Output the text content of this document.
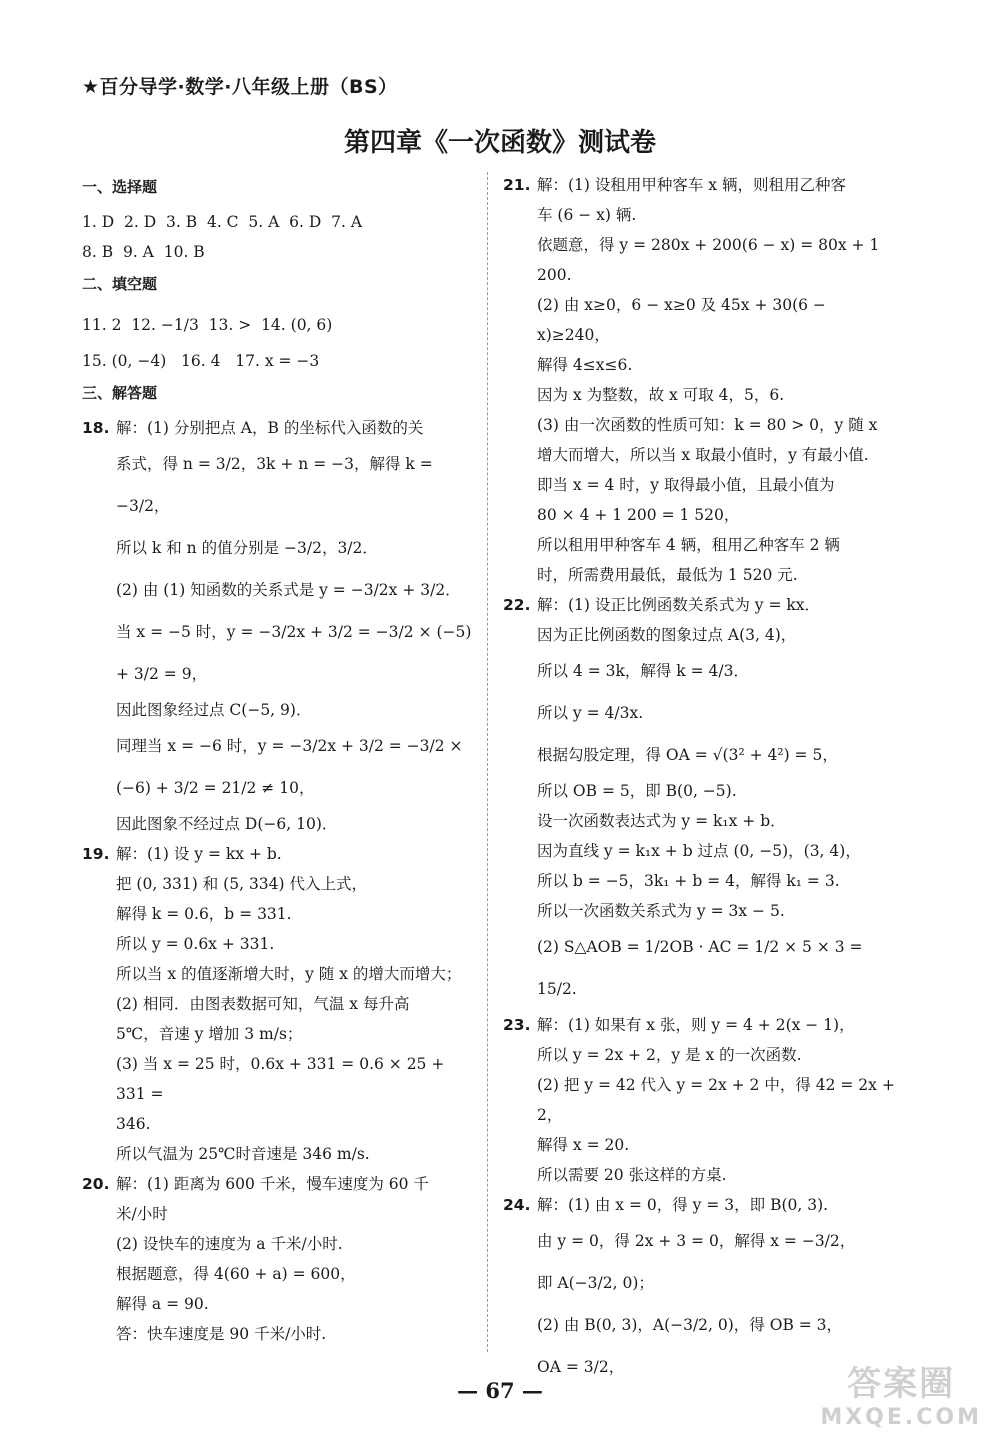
★百分导学·数学·八年级上册（BS）
第四章《一次函数》测试卷
一、选择题
1. D  2. D  3. B  4. C  5. A  6. D  7. A
8. B  9. A  10. B
二、填空题
11. 2  12. −1/3  13. >  14. (0, 6)
15. (0, −4)   16. 4   17. x = −3
三、解答题
18. 解：(1) 分别把点 A，B 的坐标代入函数的关
系式，得 n = 3/2，3k + n = −3，解得 k = −3/2，
所以 k 和 n 的值分别是 −3/2，3/2．
(2) 由 (1) 知函数的关系式是 y = −3/2x + 3/2．
当 x = −5 时，y = −3/2x + 3/2 = −3/2 × (−5)
+ 3/2 = 9，
因此图象经过点 C(−5, 9)．
同理当 x = −6 时，y = −3/2x + 3/2 = −3/2 ×
(−6) + 3/2 = 21/2 ≠ 10，
因此图象不经过点 D(−6, 10)．
19. 解：(1) 设 y = kx + b.
把 (0, 331) 和 (5, 334) 代入上式，
解得 k = 0.6，b = 331.
所以 y = 0.6x + 331.
所以当 x 的值逐渐增大时，y 随 x 的增大而增大；
(2) 相同．由图表数据可知，气温 x 每升高
5℃，音速 y 增加 3 m/s；
(3) 当 x = 25 时，0.6x + 331 = 0.6 × 25 + 331 =
346.
所以气温为 25℃时音速是 346 m/s.
20. 解：(1) 距离为 600 千米，慢车速度为 60 千
米/小时
(2) 设快车的速度为 a 千米/小时.
根据题意，得 4(60 + a) = 600，
解得 a = 90.
答：快车速度是 90 千米/小时.
21. 解：(1) 设租用甲种客车 x 辆，则租用乙种客
车 (6 − x) 辆.
依题意，得 y = 280x + 200(6 − x) = 80x + 1 200.
(2) 由 x≥0，6 − x≥0 及 45x + 30(6 − x)≥240，
解得 4≤x≤6.
因为 x 为整数，故 x 可取 4，5，6.
(3) 由一次函数的性质可知：k = 80 > 0，y 随 x
增大而增大，所以当 x 取最小值时，y 有最小值.
即当 x = 4 时，y 取得最小值，且最小值为
80 × 4 + 1 200 = 1 520，
所以租用甲种客车 4 辆，租用乙种客车 2 辆
时，所需费用最低，最低为 1 520 元.
22. 解：(1) 设正比例函数关系式为 y = kx．
因为正比例函数的图象过点 A(3, 4)，
所以 4 = 3k，解得 k = 4/3．
所以 y = 4/3x.
根据勾股定理，得 OA = √(3² + 4²) = 5，
所以 OB = 5，即 B(0, −5).
设一次函数表达式为 y = k₁x + b．
因为直线 y = k₁x + b 过点 (0, −5)，(3, 4)，
所以 b = −5，3k₁ + b = 4，解得 k₁ = 3.
所以一次函数关系式为 y = 3x − 5.
(2) S△AOB = 1/2OB · AC = 1/2 × 5 × 3 = 15/2.
23. 解：(1) 如果有 x 张，则 y = 4 + 2(x − 1)，
所以 y = 2x + 2，y 是 x 的一次函数.
(2) 把 y = 42 代入 y = 2x + 2 中，得 42 = 2x + 2，
解得 x = 20.
所以需要 20 张这样的方桌.
24. 解：(1) 由 x = 0，得 y = 3，即 B(0, 3).
由 y = 0，得 2x + 3 = 0，解得 x = −3/2，
即 A(−3/2, 0)；
(2) 由 B(0, 3)，A(−3/2, 0)，得 OB = 3，
OA = 3/2，
— 67 —	答案圈
MXQE.COM
